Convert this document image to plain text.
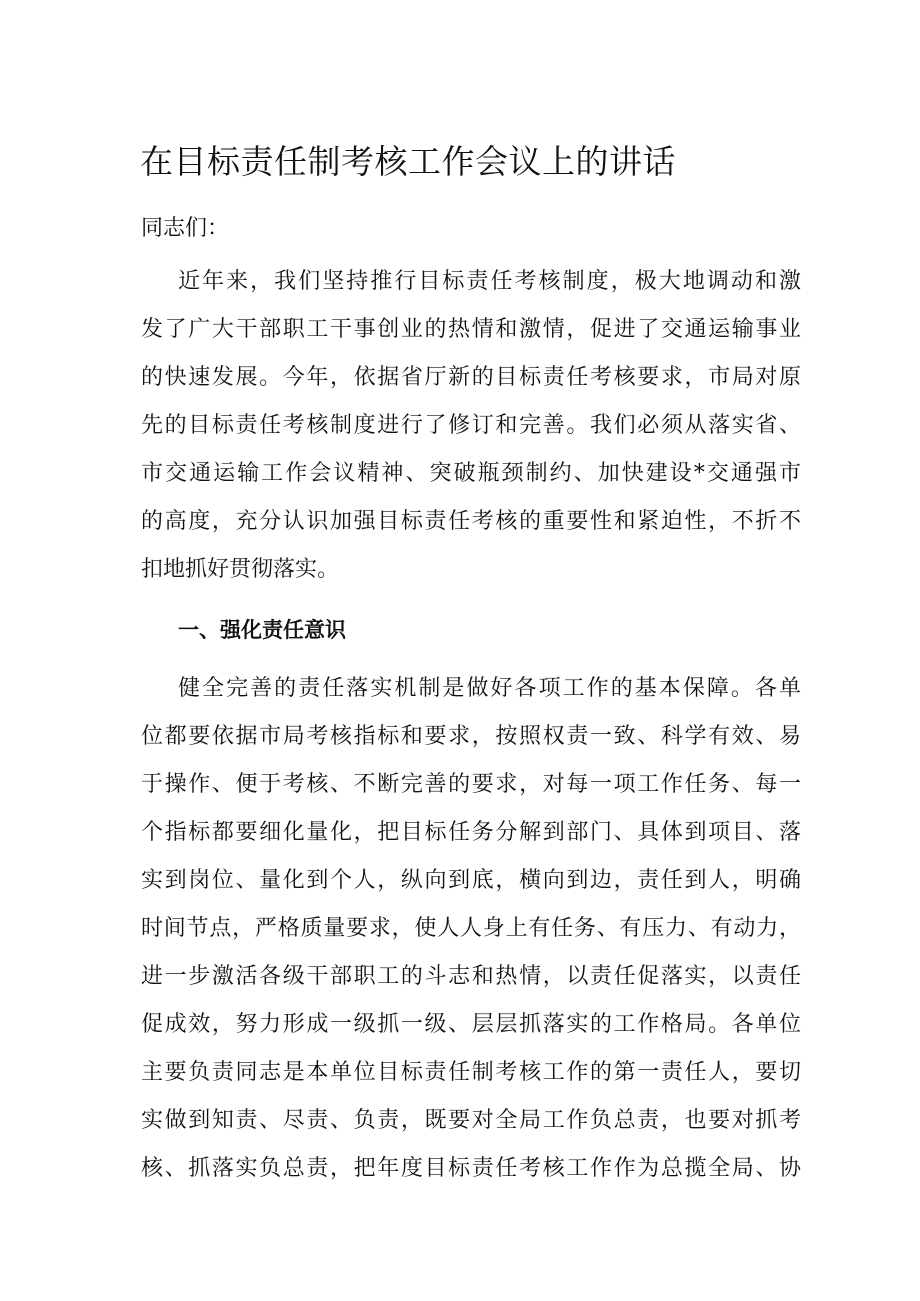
在目标责任制考核工作会议上的讲话

同志们：

近年来，我们坚持推行目标责任考核制度，极大地调动和激
发了广大干部职工干事创业的热情和激情，促进了交通运输事业
的快速发展。今年，依据省厅新的目标责任考核要求，市局对原
先的目标责任考核制度进行了修订和完善。我们必须从落实省、
市交通运输工作会议精神、突破瓶颈制约、加快建设*交通强市
的高度，充分认识加强目标责任考核的重要性和紧迫性，不折不
扣地抓好贯彻落实。
一、强化责任意识
健全完善的责任落实机制是做好各项工作的基本保障。各单
位都要依据市局考核指标和要求，按照权责一致、科学有效、易
于操作、便于考核、不断完善的要求，对每一项工作任务、每一
个指标都要细化量化，把目标任务分解到部门、具体到项目、落
实到岗位、量化到个人，纵向到底，横向到边，责任到人，明确
时间节点，严格质量要求，使人人身上有任务、有压力、有动力，
进一步激活各级干部职工的斗志和热情，以责任促落实，以责任
促成效，努力形成一级抓一级、层层抓落实的工作格局。各单位
主要负责同志是本单位目标责任制考核工作的第一责任人，要切
实做到知责、尽责、负责，既要对全局工作负总责，也要对抓考
核、抓落实负总责，把年度目标责任考核工作作为总揽全局、协
